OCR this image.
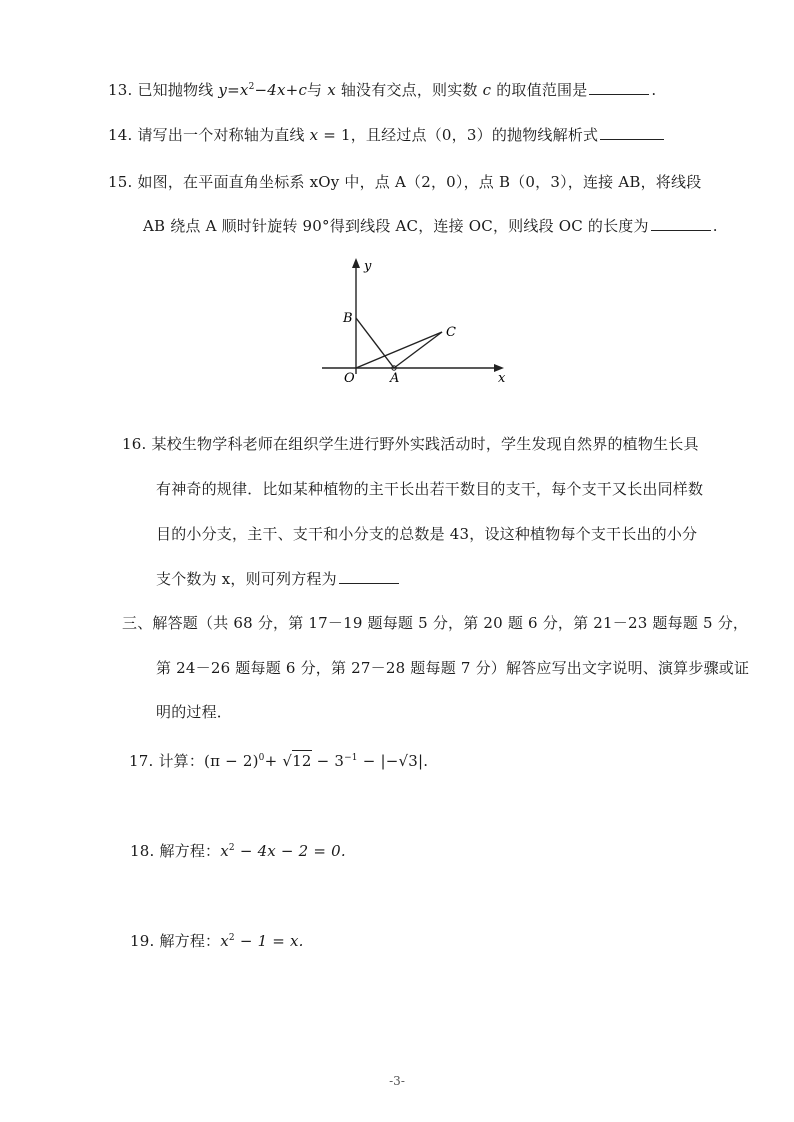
13. 已知抛物线 $y=x^2-4x+c$与 x 轴没有交点，则实数 c 的取值范围是	.
14. 请写出一个对称轴为直线 x = 1，且经过点（0，3）的抛物线解析式
15. 如图，在平面直角坐标系 xOy 中，点 A（2，0），点 B（0，3），连接 AB，将线段
AB 绕点 A 顺时针旋转 90°得到线段 AC，连接 OC，则线段 OC 的长度为	.
y
x
O	A
B
C
16. 某校生物学科老师在组织学生进行野外实践活动时，学生发现自然界的植物生长具
有神奇的规律．比如某种植物的主干长出若干数目的支干，每个支干又长出同样数
目的小分支，主干、支干和小分支的总数是 43，设这种植物每个支干长出的小分
支个数为 x，则可列方程为
三、解答题（共 68 分，第 17－19 题每题 5 分，第 20 题 6 分，第 21－23 题每题 5 分，
第 24－26 题每题 6 分，第 27－28 题每题 7 分）解答应写出文字说明、演算步骤或证
明的过程．
17. 计算：$(\pi - 2)^0+ √12 - 3^{-1} - |-√3|$.
18. 解方程：$x^2 - 4x - 2 = 0$.
19. 解方程：$x^2 - 1 = x$.
-3-
